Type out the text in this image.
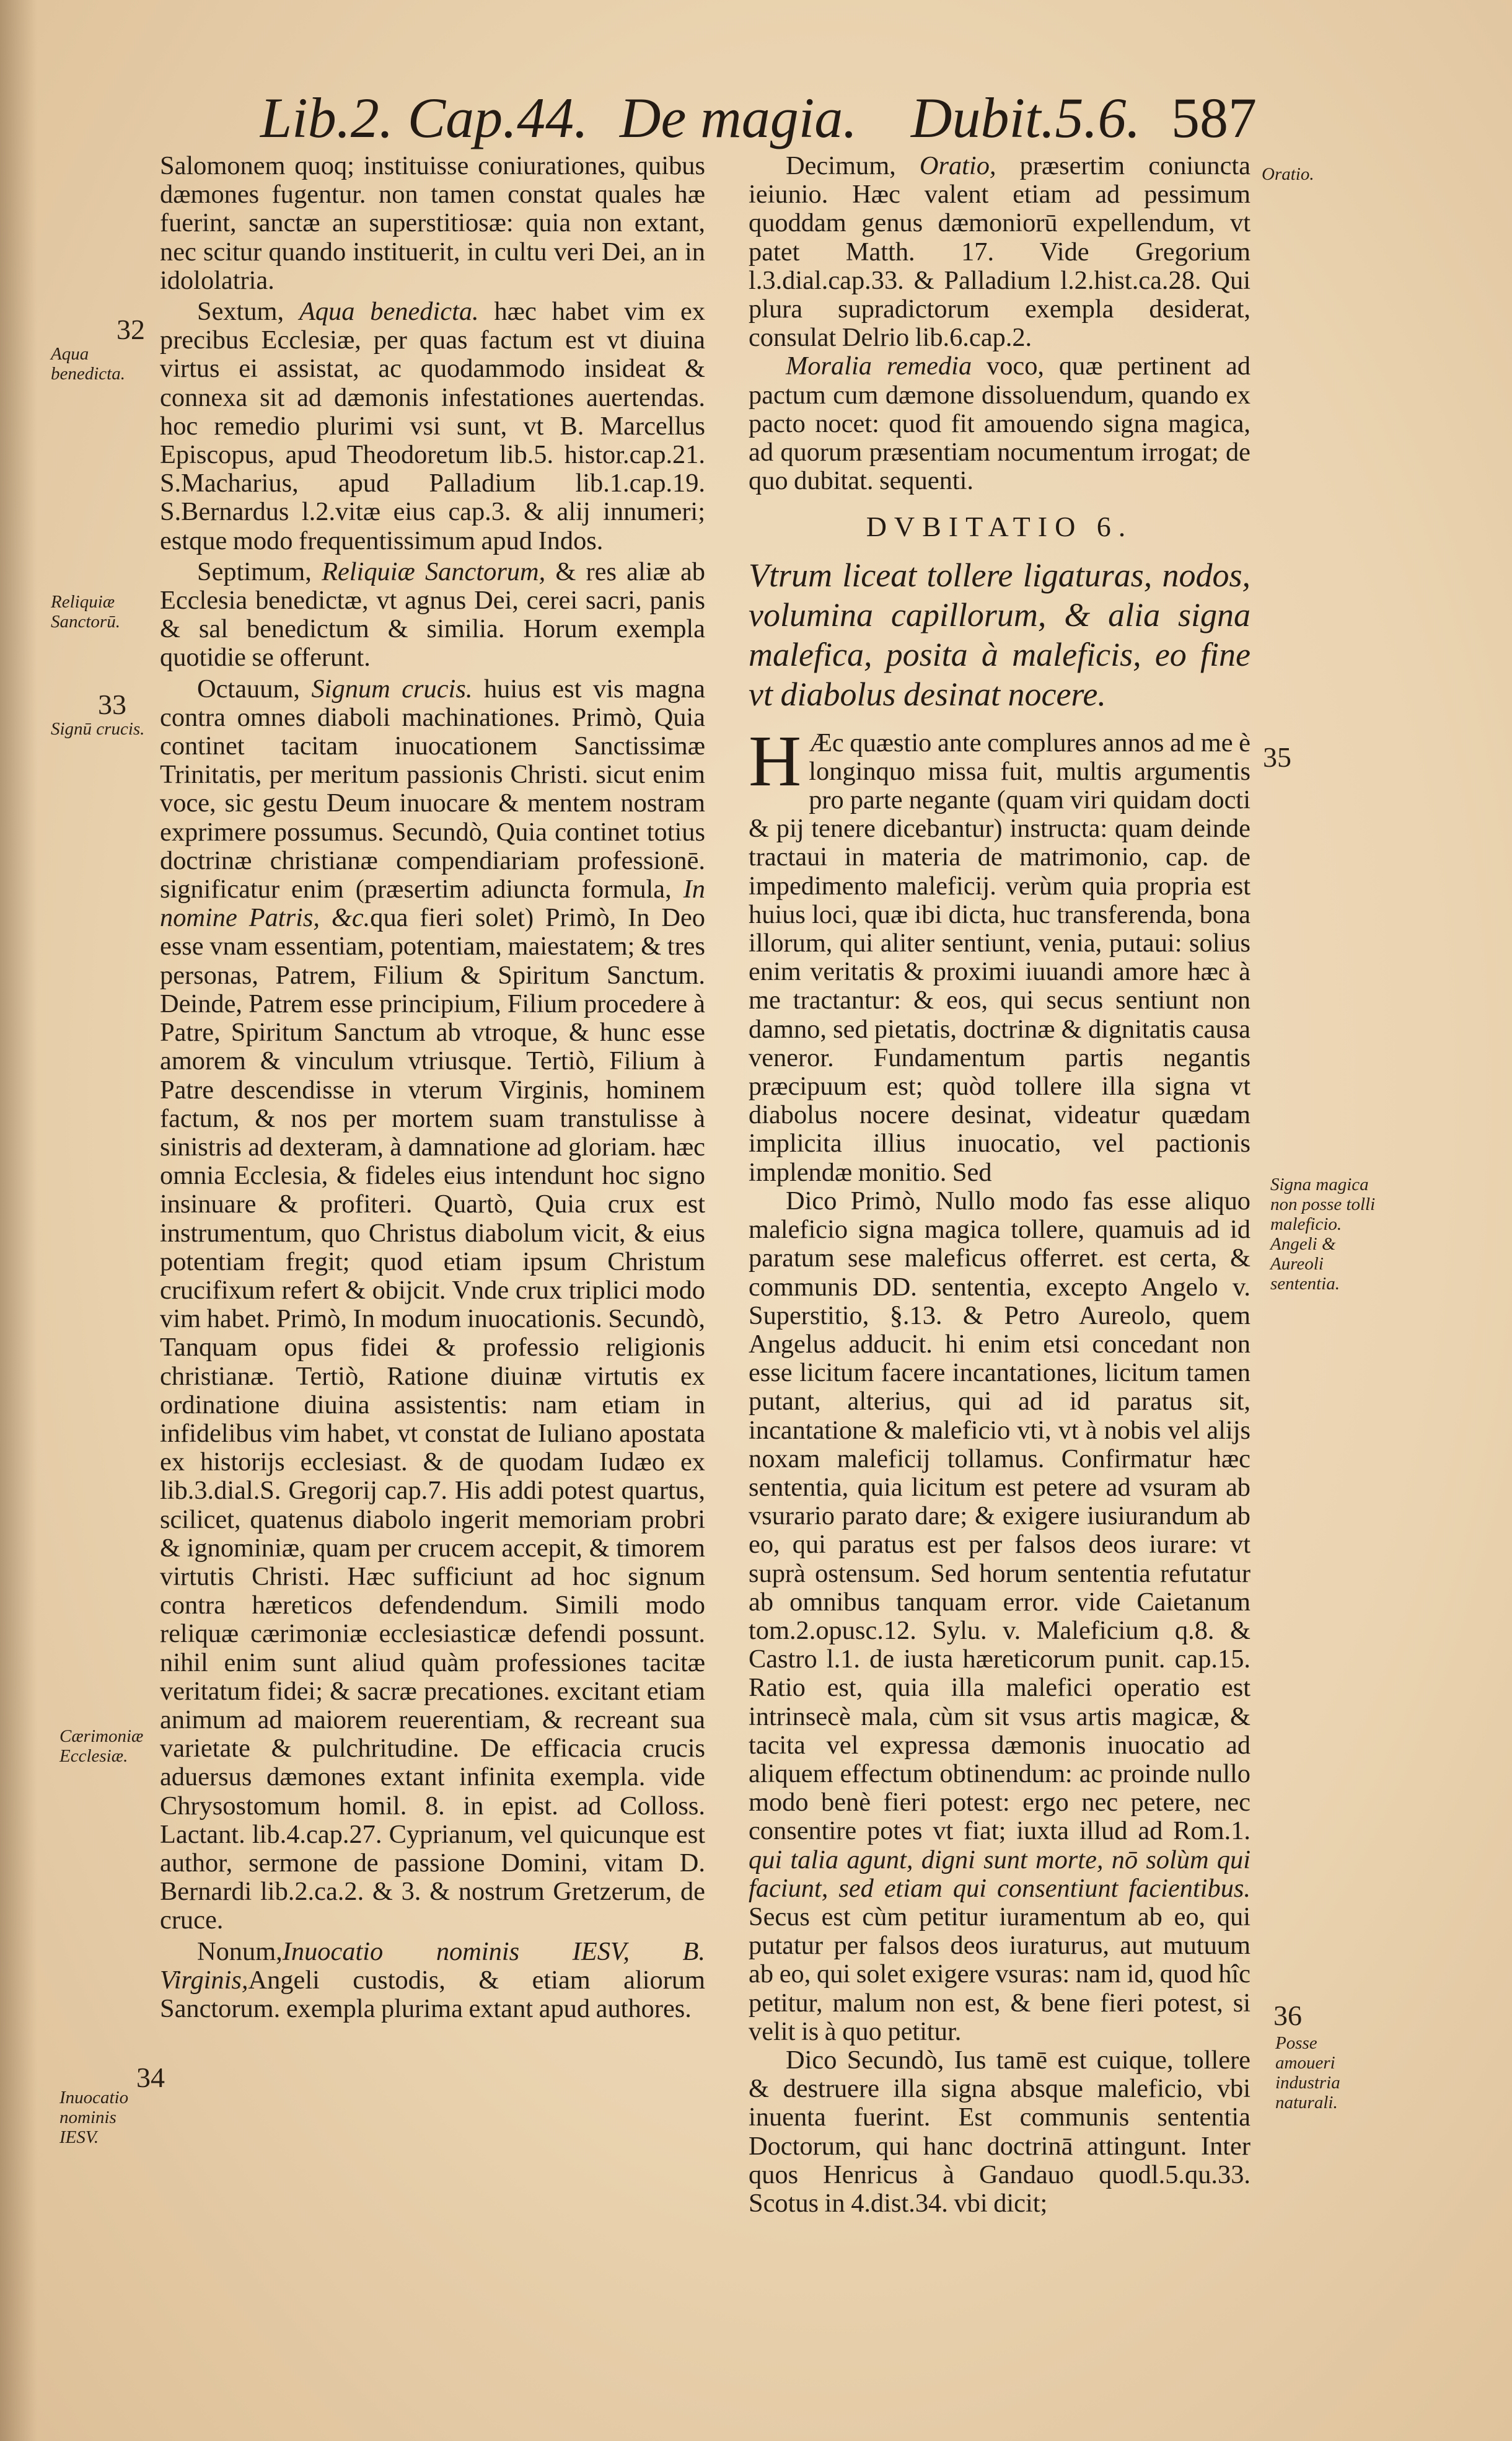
Lib.2. Cap.44. De magia. Dubit.5.6. 587

Salomonem quoq; instituisse coniurationes, quibus dæmones fugentur. non tamen constat quales hæ fuerint, sanctæ an superstitiosæ: quia non extant, nec scitur quando instituerit, in cultu veri Dei, an in idololatria.

Sextum, Aqua benedicta. hæc habet vim ex precibus Ecclesiæ, per quas factum est vt diuina virtus ei assistat, ac quodammodo insideat & connexa sit ad dæmonis infestationes auertendas. hoc remedio plurimi vsi sunt, vt B. Marcellus Episcopus, apud Theodoretum lib.5. histor.cap.21. S.Macharius, apud Palladium lib.1.cap.19. S.Bernardus l.2.vitæ eius cap.3. & alij innumeri; estque modo frequentissimum apud Indos.

Septimum, Reliquiæ Sanctorum, & res aliæ ab Ecclesia benedictæ, vt agnus Dei, cerei sacri, panis & sal benedictum & similia. Horum exempla quotidie se offerunt.

Octauum, Signum crucis. huius est vis magna contra omnes diaboli machinationes. Primò, Quia continet tacitam inuocationem Sanctissimæ Trinitatis, per meritum passionis Christi. sicut enim voce, sic gestu Deum inuocare & mentem nostram exprimere possumus. Secundò, Quia continet totius doctrinæ christianæ compendiariam professionē. significatur enim (præsertim adiuncta formula, In nomine Patris, &c.qua fieri solet) Primò, In Deo esse vnam essentiam, potentiam, maiestatem; & tres personas, Patrem, Filium & Spiritum Sanctum. Deinde, Patrem esse principium, Filium procedere à Patre, Spiritum Sanctum ab vtroque, & hunc esse amorem & vinculum vtriusque. Tertiò, Filium à Patre descendisse in vterum Virginis, hominem factum, & nos per mortem suam transtulisse à sinistris ad dexteram, à damnatione ad gloriam. hæc omnia Ecclesia, & fideles eius intendunt hoc signo insinuare & profiteri. Quartò, Quia crux est instrumentum, quo Christus diabolum vicit, & eius potentiam fregit; quod etiam ipsum Christum crucifixum refert & obijcit. Vnde crux triplici modo vim habet. Primò, In modum inuocationis. Secundò, Tanquam opus fidei & professio religionis christianæ. Tertiò, Ratione diuinæ virtutis ex ordinatione diuina assistentis: nam etiam in infidelibus vim habet, vt constat de Iuliano apostata ex historijs ecclesiast. & de quodam Iudæo ex lib.3.dial.S. Gregorij cap.7. His addi potest quartus, scilicet, quatenus diabolo ingerit memoriam probri & ignominiæ, quam per crucem accepit, & timorem virtutis Christi. Hæc sufficiunt ad hoc signum contra hæreticos defendendum. Simili modo reliquæ cærimoniæ ecclesiasticæ defendi possunt. nihil enim sunt aliud quàm professiones tacitæ veritatum fidei; & sacræ precationes. excitant etiam animum ad maiorem reuerentiam, & recreant sua varietate & pulchritudine. De efficacia crucis aduersus dæmones extant infinita exempla. vide Chrysostomum homil. 8. in epist. ad Colloss. Lactant. lib.4.cap.27. Cyprianum, vel quicunque est author, sermone de passione Domini, vitam D. Bernardi lib.2.ca.2. & 3. & nostrum Gretzerum, de cruce.

Nonum,Inuocatio nominis IESV, B. Virginis,Angeli custodis, & etiam aliorum Sanctorum. exempla plurima extant apud authores.

Decimum, Oratio, præsertim coniuncta ieiunio. Hæc valent etiam ad pessimum quoddam genus dæmoniorū expellendum, vt patet Matth. 17. Vide Gregorium l.3.dial.cap.33. & Palladium l.2.hist.ca.28. Qui plura supradictorum exempla desiderat, consulat Delrio lib.6.cap.2.

Moralia remedia voco, quæ pertinent ad pactum cum dæmone dissoluendum, quando ex pacto nocet: quod fit amouendo signa magica, ad quorum præsentiam nocumentum irrogat; de quo dubitat. sequenti.

DVBITATIO 6.

Vtrum liceat tollere ligaturas, nodos, volumina capillorum, & alia signa malefica, posita à maleficis, eo fine vt diabolus desinat nocere.

H Æc quæstio ante complures annos ad me è longinquo missa fuit, multis argumentis pro parte negante (quam viri quidam docti & pij tenere dicebantur) instructa: quam deinde tractaui in materia de matrimonio, cap. de impedimento maleficij. verùm quia propria est huius loci, quæ ibi dicta, huc transferenda, bona illorum, qui aliter sentiunt, venia, putaui: solius enim veritatis & proximi iuuandi amore hæc à me tractantur: & eos, qui secus sentiunt non damno, sed pietatis, doctrinæ & dignitatis causa veneror. Fundamentum partis negantis præcipuum est; quòd tollere illa signa vt diabolus nocere desinat, videatur quædam implicita illius inuocatio, vel pactionis implendæ monitio. Sed

Dico Primò, Nullo modo fas esse aliquo maleficio signa magica tollere, quamuis ad id paratum sese maleficus offerret. est certa, & communis DD. sententia, excepto Angelo v. Superstitio, §.13. & Petro Aureolo, quem Angelus adducit. hi enim etsi concedant non esse licitum facere incantationes, licitum tamen putant, alterius, qui ad id paratus sit, incantatione & maleficio vti, vt à nobis vel alijs noxam maleficij tollamus. Confirmatur hæc sententia, quia licitum est petere ad vsuram ab vsurario parato dare; & exigere iusiurandum ab eo, qui paratus est per falsos deos iurare: vt suprà ostensum. Sed horum sententia refutatur ab omnibus tanquam error. vide Caietanum tom.2.opusc.12. Sylu. v. Maleficium q.8. & Castro l.1. de iusta hæreticorum punit. cap.15. Ratio est, quia illa malefici operatio est intrinsecè mala, cùm sit vsus artis magicæ, & tacita vel expressa dæmonis inuocatio ad aliquem effectum obtinendum: ac proinde nullo modo benè fieri potest: ergo nec petere, nec consentire potes vt fiat; iuxta illud ad Rom.1. qui talia agunt, digni sunt morte, nō solùm qui faciunt, sed etiam qui consentiunt facientibus. Secus est cùm petitur iuramentum ab eo, qui putatur per falsos deos iuraturus, aut mutuum ab eo, qui solet exigere vsuras: nam id, quod hîc petitur, malum non est, & bene fieri potest, si velit is à quo petitur.

Dico Secundò, Ius tamē est cuique, tollere & destruere illa signa absque maleficio, vbi inuenta fuerint. Est communis sententia Doctorum, qui hanc doctrinā attingunt. Inter quos Henricus à Gandauo quodl.5.qu.33. Scotus in 4.dist.34. vbi dicit;

32
Aqua benedicta.
Reliquiæ Sanctorū.
33
Signū crucis.
Cærimoniæ Ecclesiæ.
34
Inuocatio nominis IESV.
Oratio.
35
Signa magica non posse tolli maleficio. Angeli & Aureoli sententia.
36
Posse amoueri industria naturali.
